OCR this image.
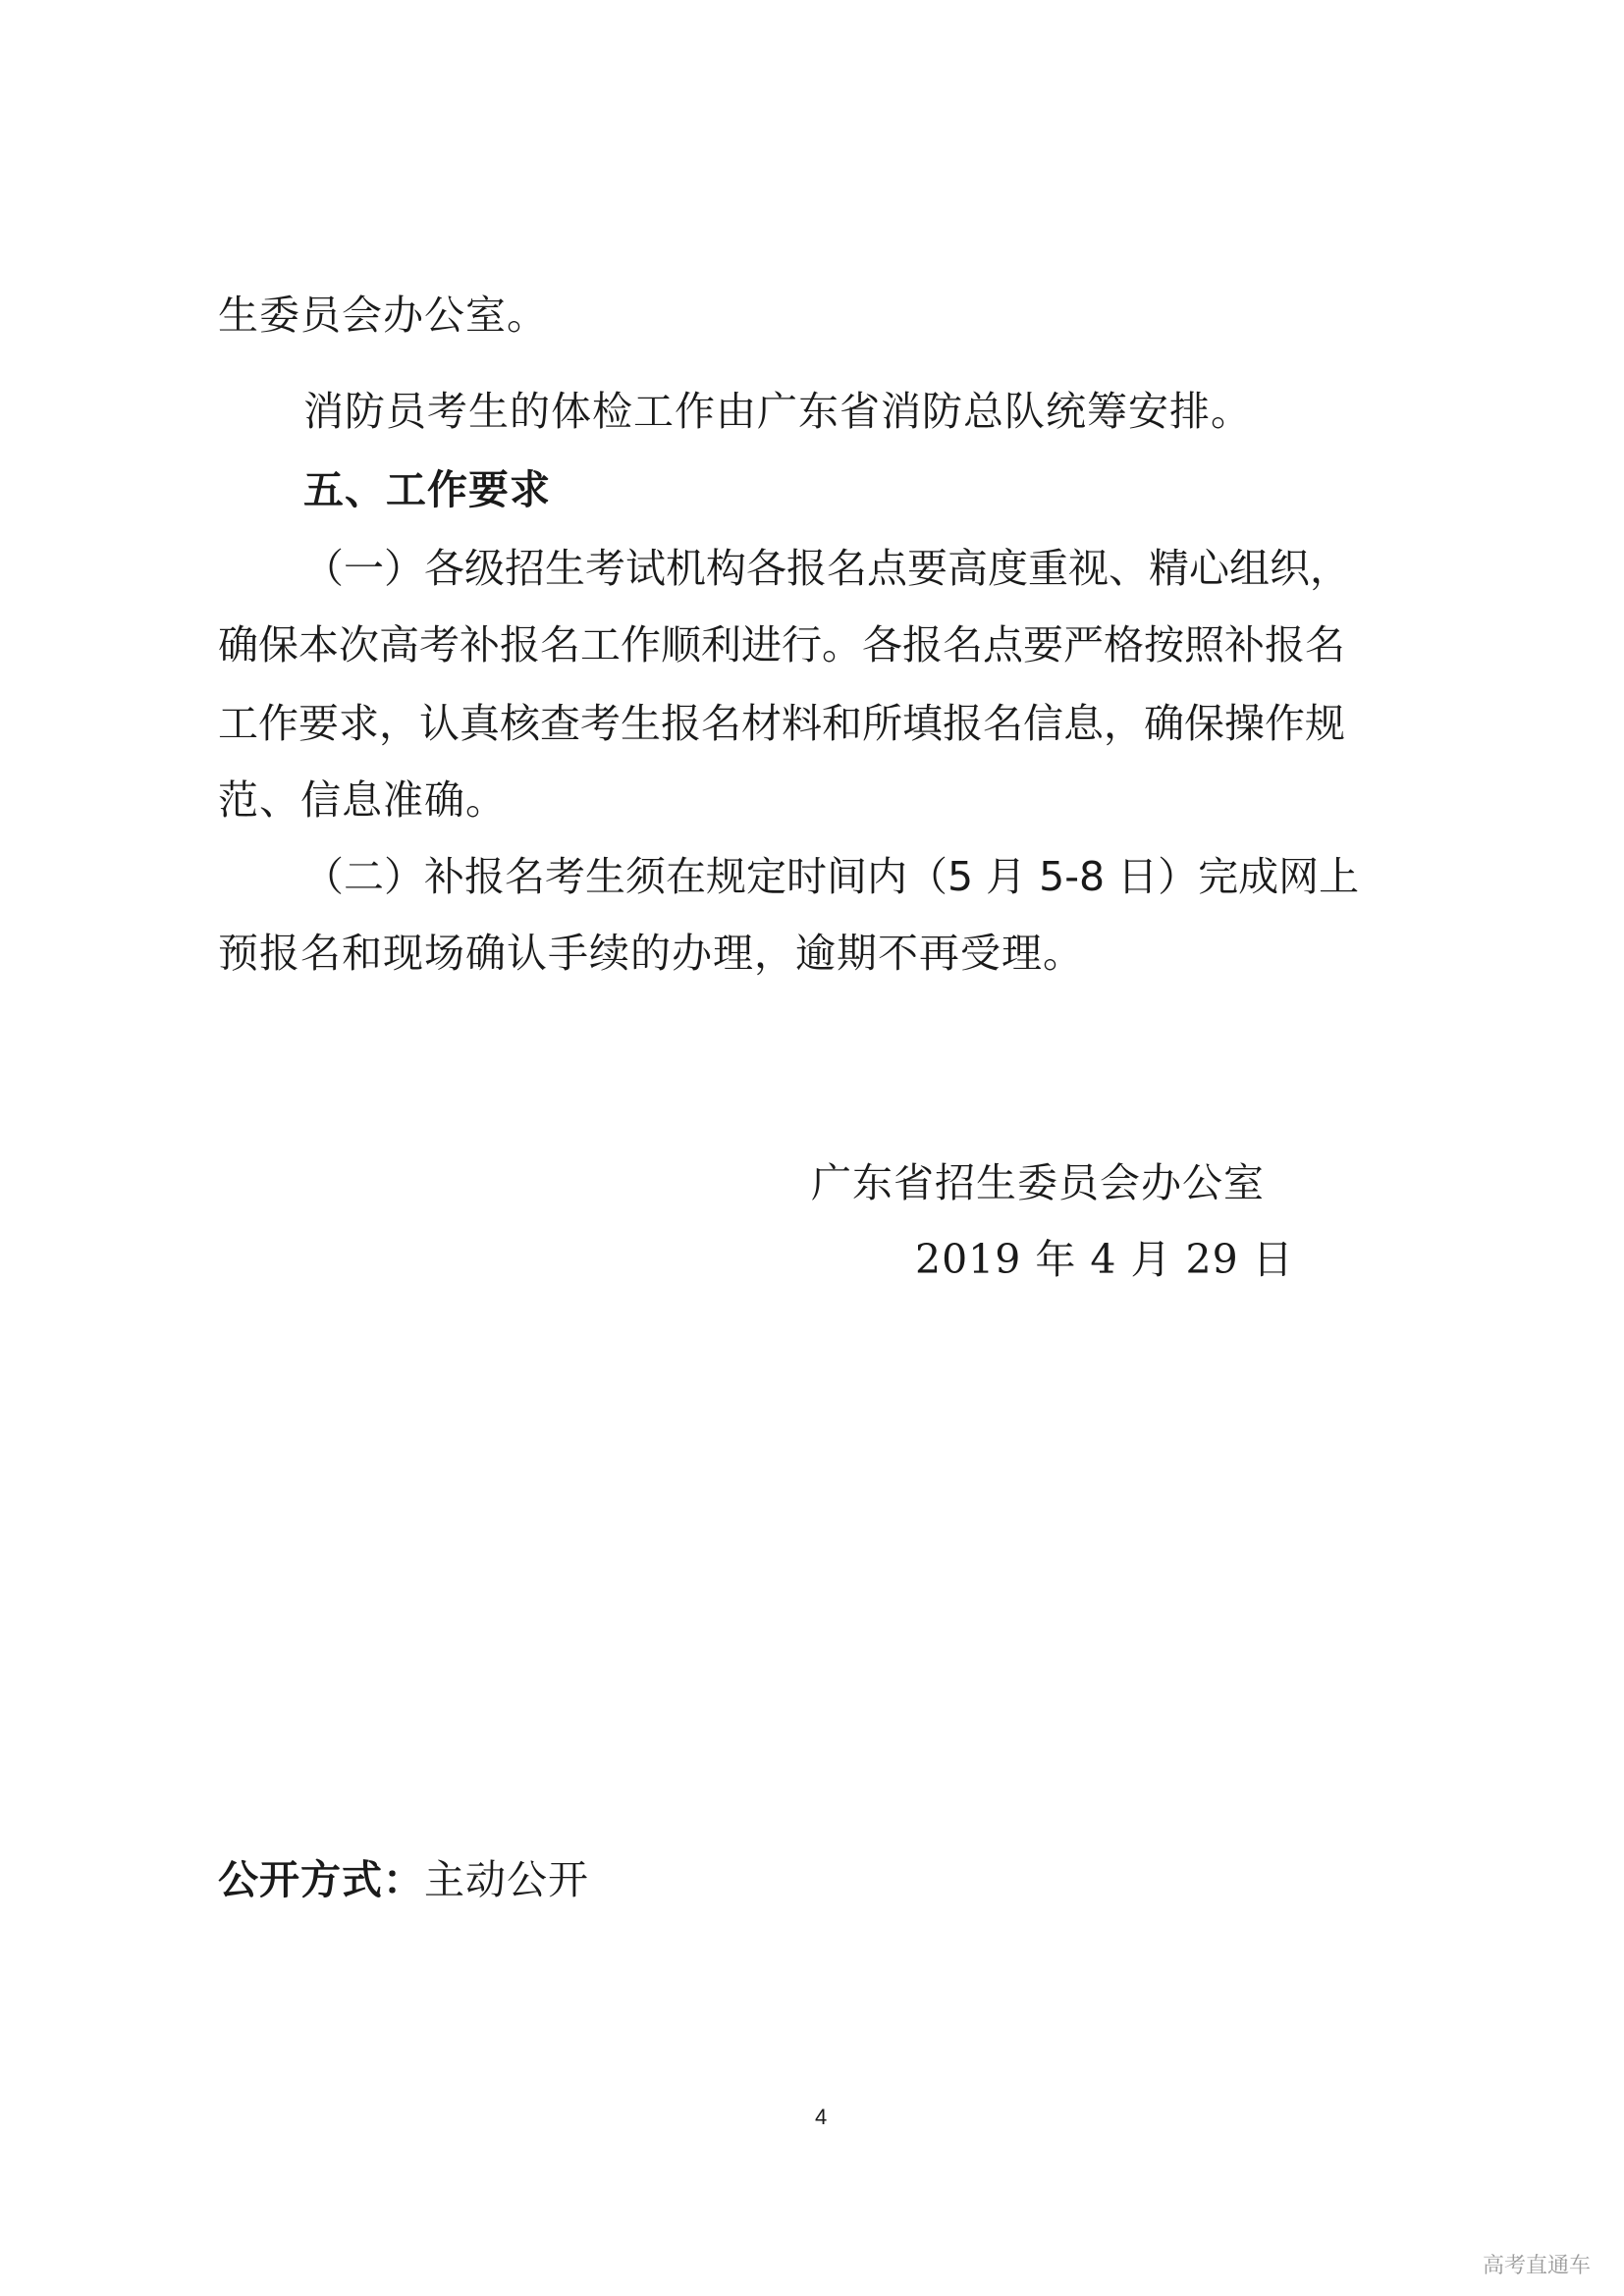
生委员会办公室。
消防员考生的体检工作由广东省消防总队统筹安排。
五、工作要求
（一）各级招生考试机构各报名点要高度重视、精心组织，
确保本次高考补报名工作顺利进行。各报名点要严格按照补报名
工作要求，认真核查考生报名材料和所填报名信息，确保操作规
范、信息准确。
（二）补报名考生须在规定时间内（5 月 5-8 日）完成网上
预报名和现场确认手续的办理，逾期不再受理。
广东省招生委员会办公室
2019 年 4 月 29 日
公开方式：主动公开
4
高考直通车
